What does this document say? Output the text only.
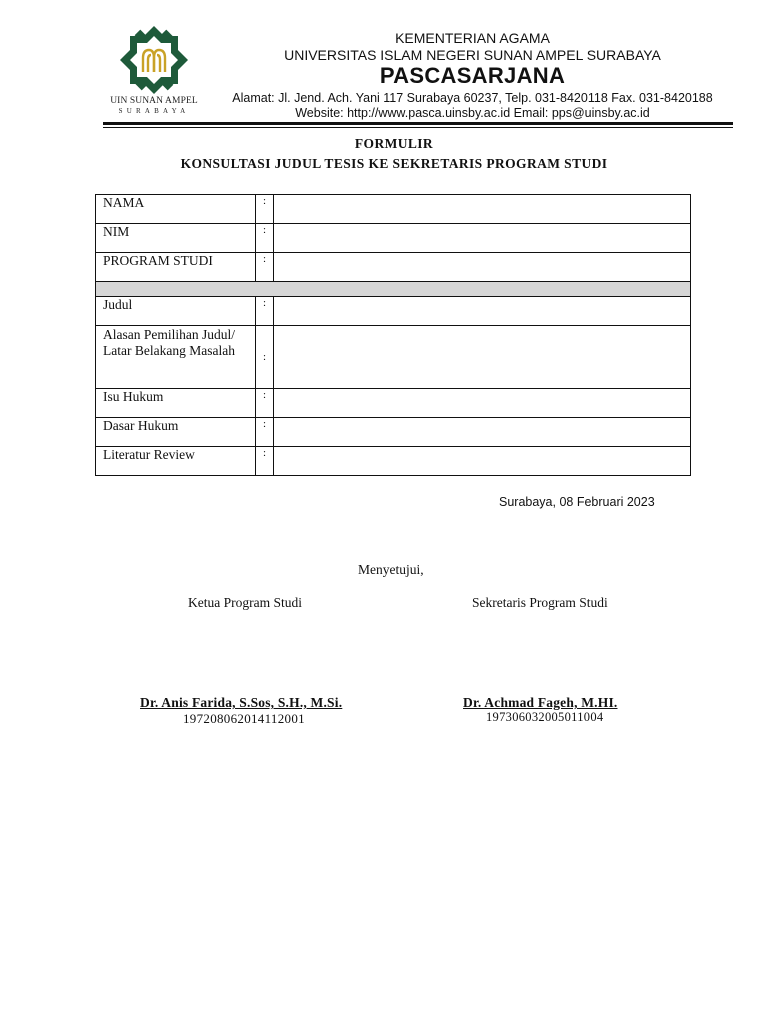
UIN SUNAN AMPEL
SURABAYA
KEMENTERIAN AGAMA
UNIVERSITAS ISLAM NEGERI SUNAN AMPEL SURABAYA
PASCASARJANA
Alamat: Jl. Jend. Ach. Yani 117 Surabaya 60237, Telp. 031-8420118 Fax. 031-8420188
Website: http://www.pasca.uinsby.ac.id Email: pps@uinsby.ac.id
FORMULIR
KONSULTASI JUDUL TESIS KE SEKRETARIS PROGRAM STUDI
NAMA	:	
NIM	:	
PROGRAM STUDI	:	

Judul	:	
Alasan Pemilihan Judul/ Latar Belakang Masalah	:	
Isu Hukum	:	
Dasar Hukum	:	
Literatur Review	:	
Surabaya, 08 Februari 2023
Menyetujui,
Ketua Program Studi	Sekretaris Program Studi
Dr. Anis Farida, S.Sos, S.H., M.Si.	Dr. Achmad Fageh, M.HI.
197208062014112001	197306032005011004
